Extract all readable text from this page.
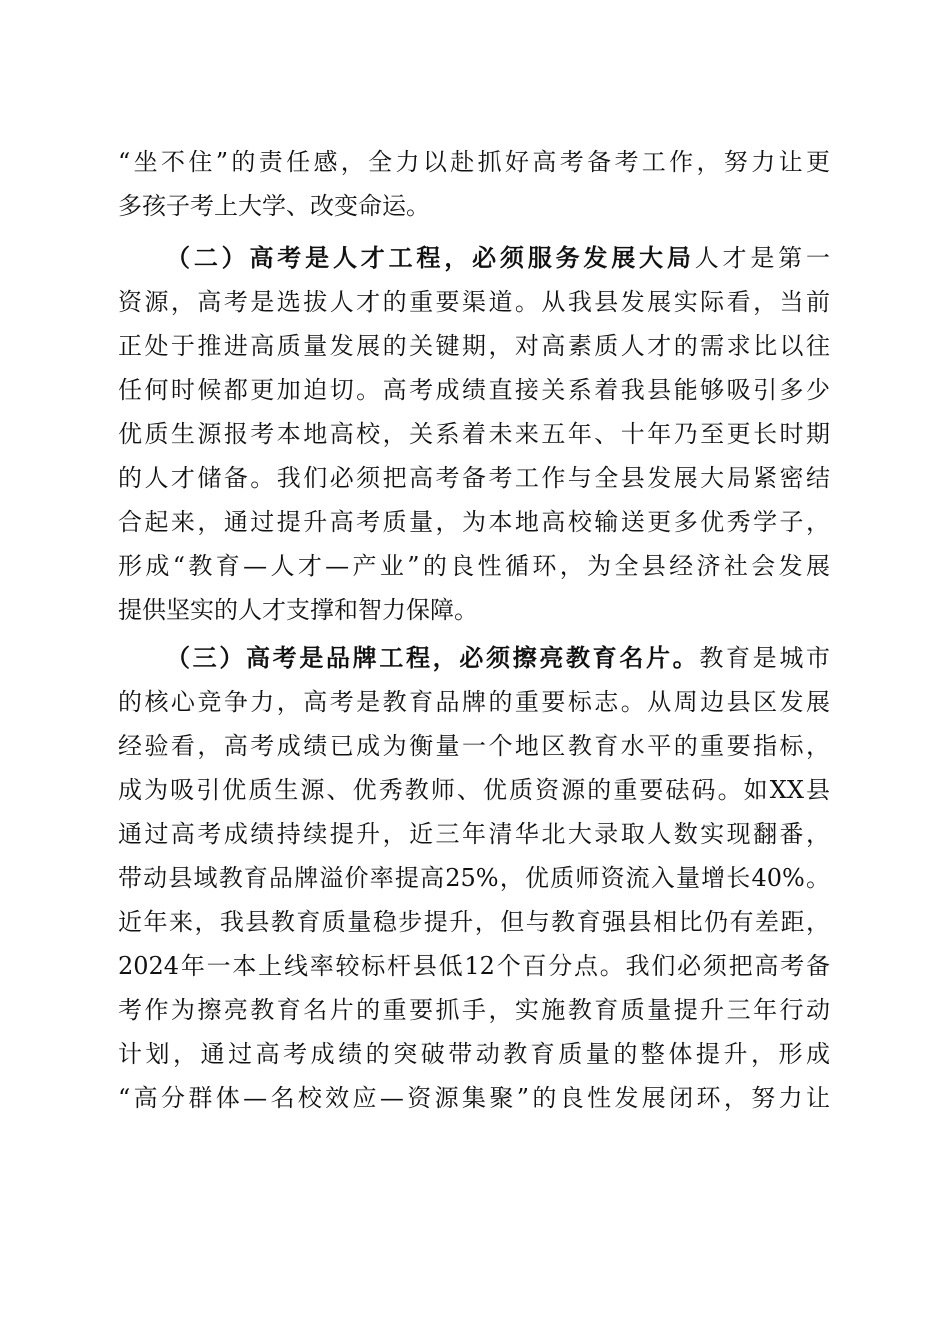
“坐不住”的责任感，全力以赴抓好高考备考工作，努力让更
多孩子考上大学、改变命运。
（二）高考是人才工程，必须服务发展大局人才是第一
资源，高考是选拔人才的重要渠道。从我县发展实际看，当前
正处于推进高质量发展的关键期，对高素质人才的需求比以往
任何时候都更加迫切。高考成绩直接关系着我县能够吸引多少
优质生源报考本地高校，关系着未来五年、十年乃至更长时期
的人才储备。我们必须把高考备考工作与全县发展大局紧密结
合起来，通过提升高考质量，为本地高校输送更多优秀学子，
形成“教育—人才—产业”的良性循环，为全县经济社会发展
提供坚实的人才支撑和智力保障。
（三）高考是品牌工程，必须擦亮教育名片。教育是城市
的核心竞争力，高考是教育品牌的重要标志。从周边县区发展
经验看，高考成绩已成为衡量一个地区教育水平的重要指标，
成为吸引优质生源、优秀教师、优质资源的重要砝码。如XX县
通过高考成绩持续提升，近三年清华北大录取人数实现翻番，
带动县域教育品牌溢价率提高25%，优质师资流入量增长40%。
近年来，我县教育质量稳步提升，但与教育强县相比仍有差距，
2024年一本上线率较标杆县低12个百分点。我们必须把高考备
考作为擦亮教育名片的重要抓手，实施教育质量提升三年行动
计划，通过高考成绩的突破带动教育质量的整体提升，形成
“高分群体—名校效应—资源集聚”的良性发展闭环，努力让
